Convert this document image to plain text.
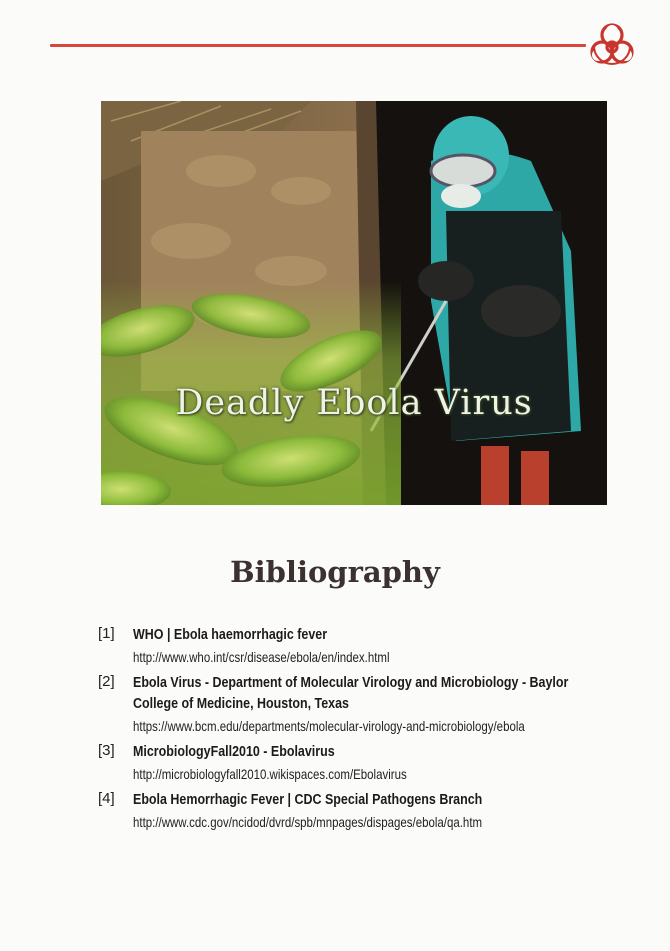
Deadly Ebola Virus
Bibliography
[1] WHO | Ebola haemorrhagic fever
http://www.who.int/csr/disease/ebola/en/index.html
[2] Ebola Virus - Department of Molecular Virology and Microbiology - Baylor College of Medicine, Houston, Texas
https://www.bcm.edu/departments/molecular-virology-and-microbiology/ebola
[3] MicrobiologyFall2010 - Ebolavirus
http://microbiologyfall2010.wikispaces.com/Ebolavirus
[4] Ebola Hemorrhagic Fever | CDC Special Pathogens Branch
http://www.cdc.gov/ncidod/dvrd/spb/mnpages/dispages/ebola/qa.htm
